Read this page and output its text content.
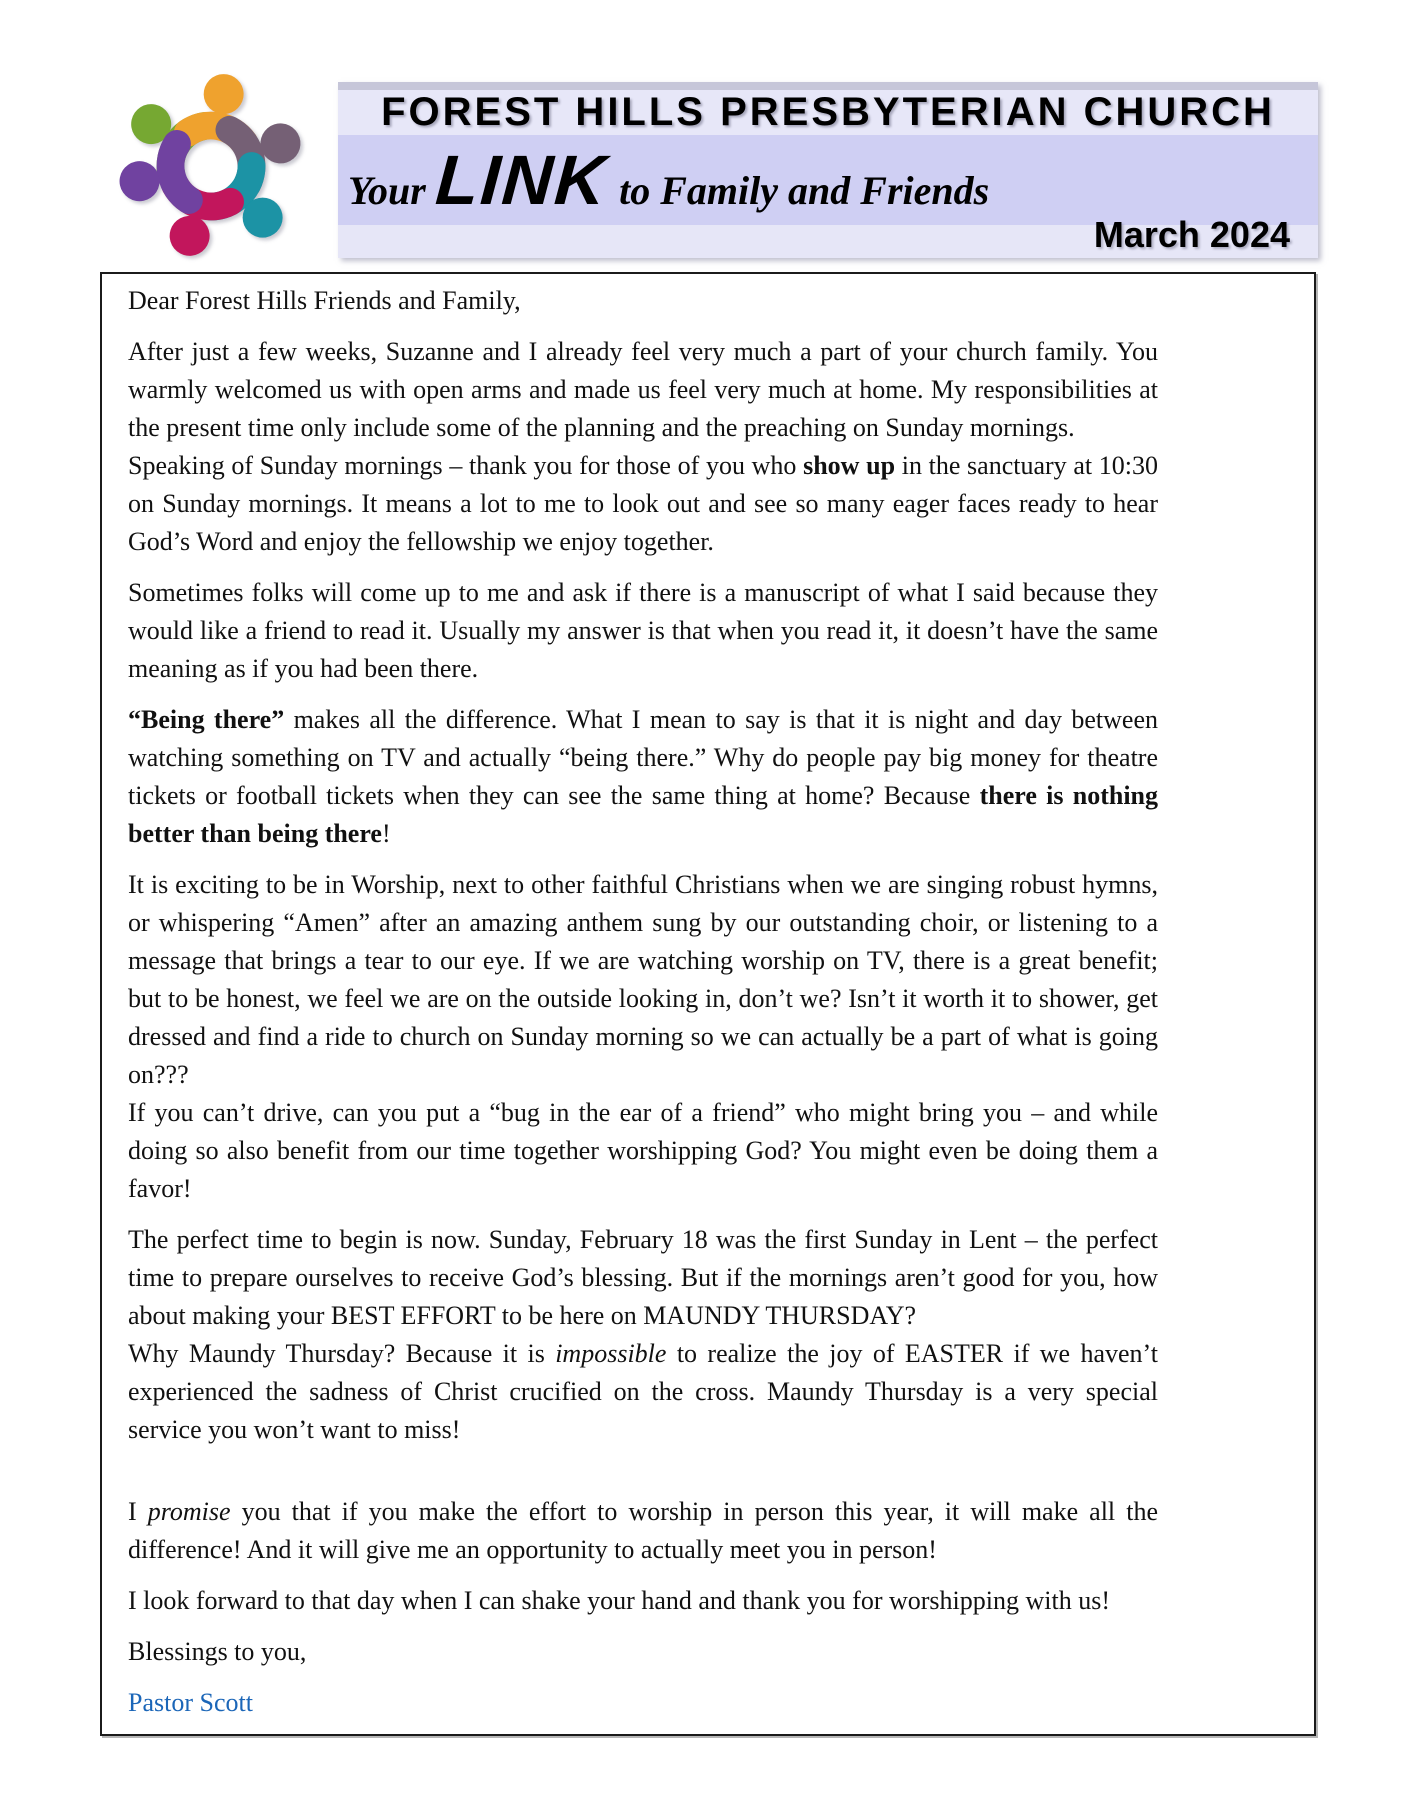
FOREST HILLS PRESBYTERIAN CHURCH
Your LINK to Family and Friends
March 2024

Dear Forest Hills Friends and Family,

After just a few weeks, Suzanne and I already feel very much a part of your church family. You warmly welcomed us with open arms and made us feel very much at home. My responsibilities at the present time only include some of the planning and the preaching on Sunday mornings.

Speaking of Sunday mornings – thank you for those of you who show up in the sanctuary at 10:30 on Sunday mornings. It means a lot to me to look out and see so many eager faces ready to hear God’s Word and enjoy the fellowship we enjoy together.

Sometimes folks will come up to me and ask if there is a manuscript of what I said because they would like a friend to read it. Usually my answer is that when you read it, it doesn’t have the same meaning as if you had been there.

“Being there” makes all the difference. What I mean to say is that it is night and day between watching something on TV and actually “being there.” Why do people pay big money for theatre tickets or football tickets when they can see the same thing at home? Because there is nothing better than being there!

It is exciting to be in Worship, next to other faithful Christians when we are singing robust hymns, or whispering “Amen” after an amazing anthem sung by our outstanding choir, or listening to a message that brings a tear to our eye. If we are watching worship on TV, there is a great benefit; but to be honest, we feel we are on the outside looking in, don’t we? Isn’t it worth it to shower, get dressed and find a ride to church on Sunday morning so we can actually be a part of what is going on???

If you can’t drive, can you put a “bug in the ear of a friend” who might bring you – and while doing so also benefit from our time together worshipping God? You might even be doing them a favor!

The perfect time to begin is now. Sunday, February 18 was the first Sunday in Lent – the perfect time to prepare ourselves to receive God’s blessing. But if the mornings aren’t good for you, how about making your BEST EFFORT to be here on MAUNDY THURSDAY?

Why Maundy Thursday? Because it is impossible to realize the joy of EASTER if we haven’t experienced the sadness of Christ crucified on the cross. Maundy Thursday is a very special service you won’t want to miss!

I promise you that if you make the effort to worship in person this year, it will make all the difference! And it will give me an opportunity to actually meet you in person!

I look forward to that day when I can shake your hand and thank you for worshipping with us!

Blessings to you,

Pastor Scott
